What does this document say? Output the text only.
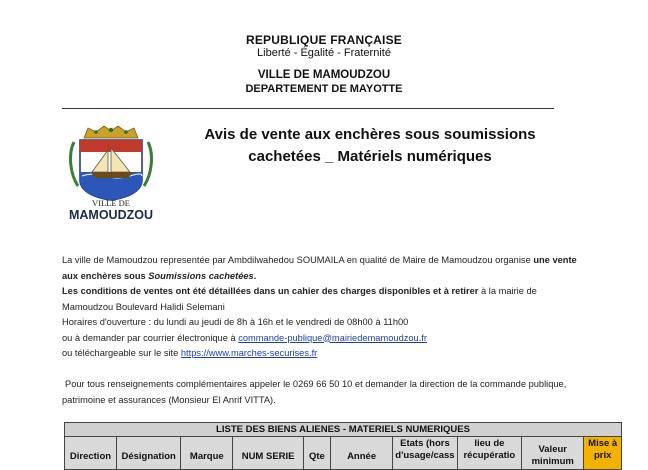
REPUBLIQUE FRANÇAISE
Liberté - Égalité - Fraternité
VILLE DE MAMOUDZOU
DEPARTEMENT DE MAYOTTE
VILLE DE
MAMOUDZOU
Avis de vente aux enchères sous soumissions
cachetées _ Matériels numériques
La ville de Mamoudzou representée par Ambdilwahedou SOUMAILA en qualité de Maire de Mamoudzou organise une vente aux enchères sous Soumissions cachetées.
Les conditions de ventes ont été détaillées dans un cahier des charges disponibles et à retirer à la mairie de Mamoudzou Boulevard Halidi Selemani
Horaires d'ouverture : du lundi au jeudi de 8h à 16h et le vendredi de 08h00 à 11h00
ou à demander par courrier électronique à commande-publique@mairiedemamoudzou.fr
ou téléchargeable sur le site https://www.marches-securises.fr
Pour tous renseignements complémentaires appeler le 0269 66 50 10 et demander la direction de la commande publique, patrimoine et assurances (Monsieur El Anrif VITTA).
LISTE DES BIENS ALIENES - MATERIELS NUMERIQUES
Direction	Désignation	Marque	NUM SERIE	Qte	Année	Etats (hors d'usage/cass	lieu de récupératio	Valeur minimum	Mise à prix
